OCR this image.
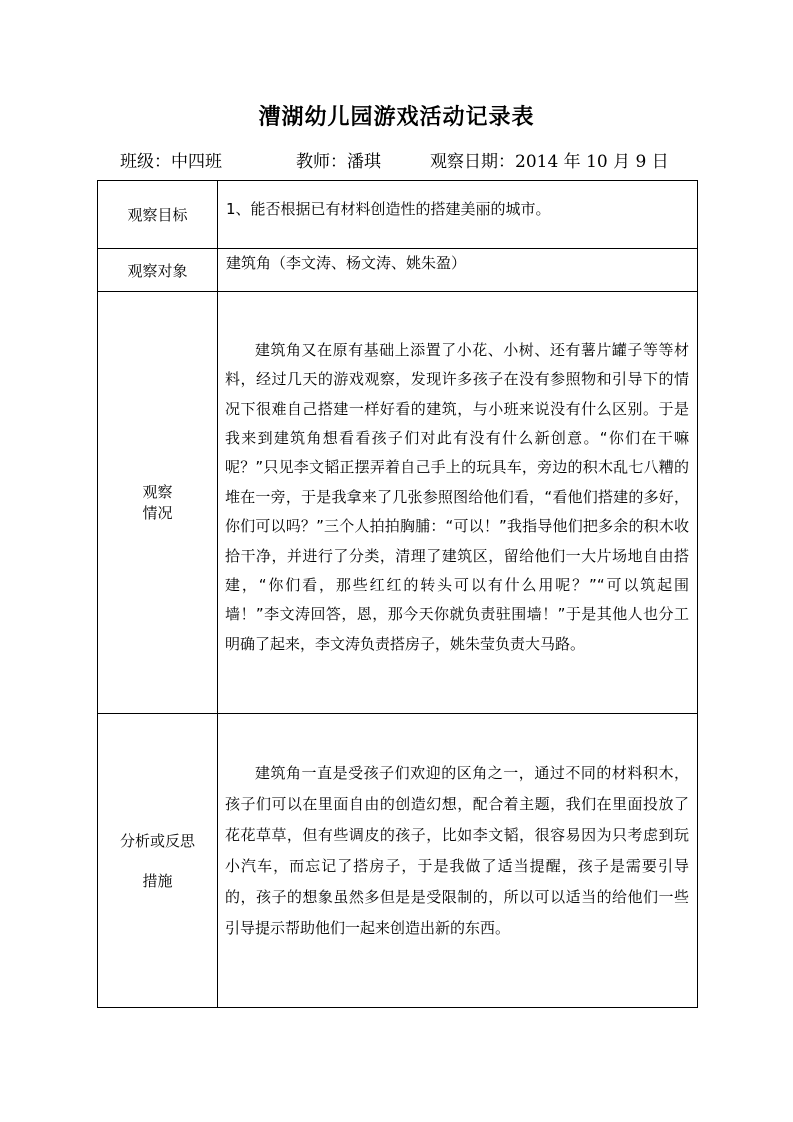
漕湖幼儿园游戏活动记录表
班级：中四班	教师：潘琪	观察日期：2014 年 10 月 9 日
观察目标	1、能否根据已有材料创造性的搭建美丽的城市。

观察对象	建筑角（李文涛、杨文涛、姚朱盈）

观察
情况	建筑角又在原有基础上添置了小花、小树、还有薯片罐子等等材料，经过几天的游戏观察，发现许多孩子在没有参照物和引导下的情况下很难自己搭建一样好看的建筑，与小班来说没有什么区别。于是我来到建筑角想看看孩子们对此有没有什么新创意。“你们在干嘛呢？”只见李文韬正摆弄着自己手上的玩具车，旁边的积木乱七八糟的堆在一旁，于是我拿来了几张参照图给他们看，“看他们搭建的多好，你们可以吗？”三个人拍拍胸脯：“可以！”我指导他们把多余的积木收拾干净，并进行了分类，清理了建筑区，留给他们一大片场地自由搭建，“你们看，那些红红的转头可以有什么用呢？”“可以筑起围墙！”李文涛回答，恩，那今天你就负责驻围墙！”于是其他人也分工明确了起来，李文涛负责搭房子，姚朱莹负责大马路。

分析或反思
措施	建筑角一直是受孩子们欢迎的区角之一，通过不同的材料积木，孩子们可以在里面自由的创造幻想，配合着主题，我们在里面投放了花花草草，但有些调皮的孩子，比如李文韬，很容易因为只考虑到玩小汽车，而忘记了搭房子，于是我做了适当提醒，孩子是需要引导的，孩子的想象虽然多但是是受限制的，所以可以适当的给他们一些引导提示帮助他们一起来创造出新的东西。
